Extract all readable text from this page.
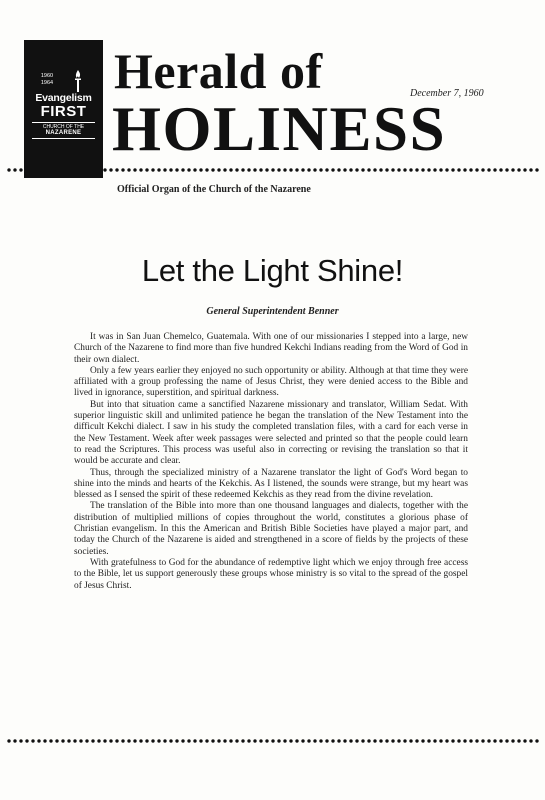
1960
1964
Evangelism
FIRST
CHURCH OF THE
NAZARENE
Herald of
HOLINESS
December 7, 1960
Official Organ of the Church of the Nazarene
Let the Light Shine!
General Superintendent Benner

It was in San Juan Chemelco, Guatemala. With one of our missionaries I stepped into a large, new Church of the Nazarene to find more than five hundred Kekchi Indians reading from the Word of God in their own dialect.

Only a few years earlier they enjoyed no such opportunity or ability. Although at that time they were affiliated with a group professing the name of Jesus Christ, they were denied access to the Bible and lived in ignorance, superstition, and spiritual darkness.

But into that situation came a sanctified Nazarene missionary and translator, William Sedat. With superior linguistic skill and unlimited patience he began the translation of the New Testament into the difficult Kekchi dialect. I saw in his study the completed translation files, with a card for each verse in the New Testament. Week after week passages were selected and printed so that the people could learn to read the Scriptures. This process was useful also in correcting or revising the translation so that it would be accurate and clear.

Thus, through the specialized ministry of a Nazarene translator the light of God's Word began to shine into the minds and hearts of the Kekchis. As I listened, the sounds were strange, but my heart was blessed as I sensed the spirit of these redeemed Kekchis as they read from the divine revelation.

The translation of the Bible into more than one thousand languages and dialects, together with the distribution of multiplied millions of copies throughout the world, constitutes a glorious phase of Christian evangelism. In this the American and British Bible Societies have played a major part, and today the Church of the Nazarene is aided and strengthened in a score of fields by the projects of these societies.

With gratefulness to God for the abundance of redemptive light which we enjoy through free access to the Bible, let us support generously these groups whose ministry is so vital to the spread of the gospel of Jesus Christ.
